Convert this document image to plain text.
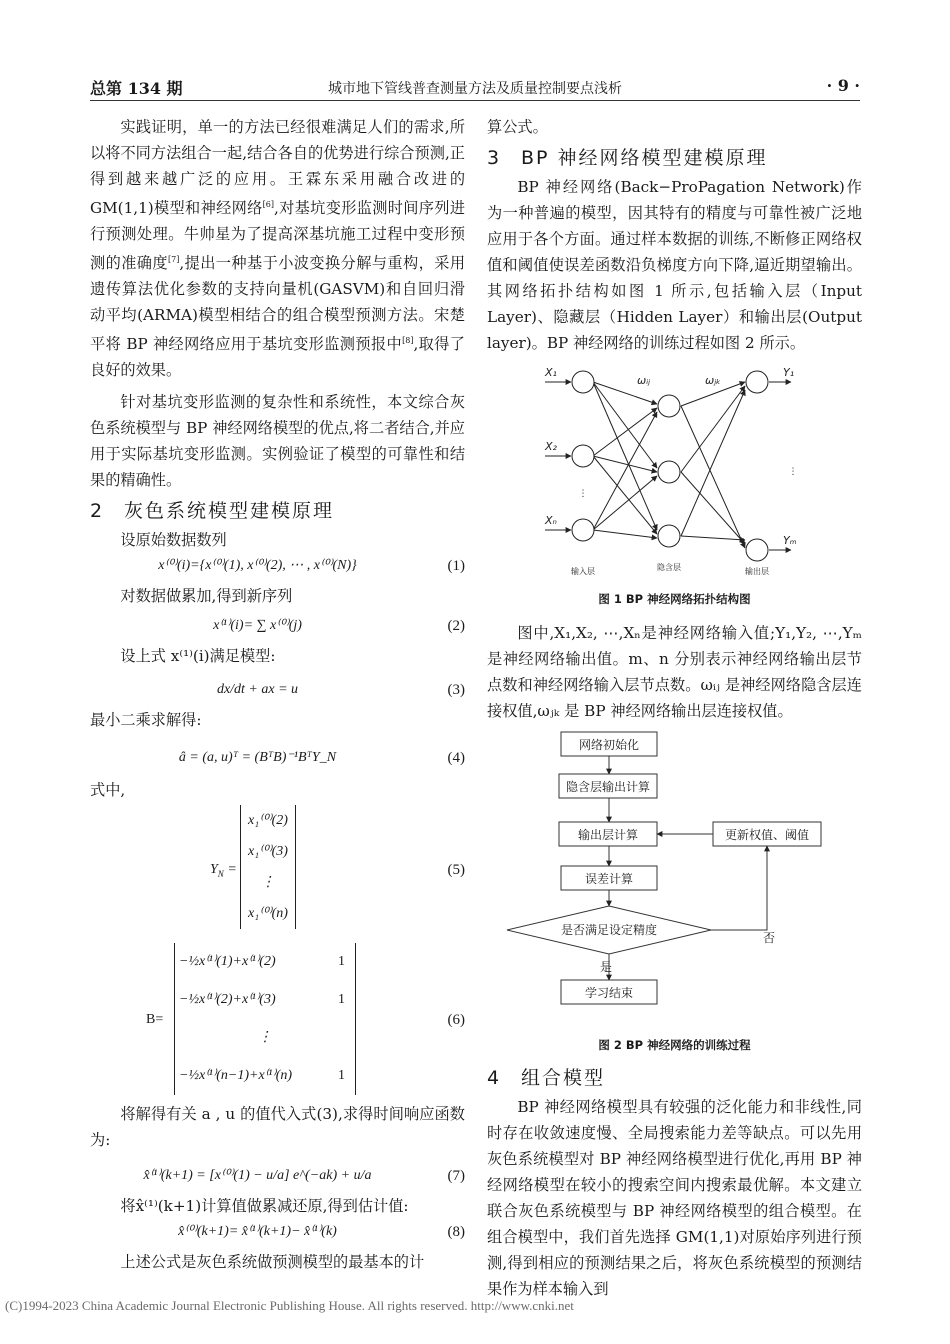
总第 134 期	城市地下管线普查测量方法及质量控制要点浅析	· 9 ·

实践证明，单一的方法已经很难满足人们的需求,所以将不同方法组合一起,结合各自的优势进行综合预测,正得到越来越广泛的应用。王霖东采用融合改进的 GM(1,1)模型和神经网络[6],对基坑变形监测时间序列进行预测处理。牛帅星为了提高深基坑施工过程中变形预测的准确度[7],提出一种基于小波变换分解与重构，采用遗传算法优化参数的支持向量机(GASVM)和自回归滑动平均(ARMA)模型相结合的组合模型预测方法。宋楚平将 BP 神经网络应用于基坑变形监测预报中[8],取得了良好的效果。

针对基坑变形监测的复杂性和系统性，本文综合灰色系统模型与 BP 神经网络模型的优点,将二者结合,并应用于实际基坑变形监测。实例验证了模型的可靠性和结果的精确性。

2 灰色系统模型建模原理

设原始数据数列

x⁽⁰⁾(i)={x⁽⁰⁾(1), x⁽⁰⁾(2), ⋯ , x⁽⁰⁾(N)}	(1)

对数据做累加,得到新序列

x⁽¹⁾(i)= ∑ x⁽⁰⁾(j)	(2)

设上式 x⁽¹⁾(i)满足模型:

dx/dt + ax = u	(3)

最小二乘求解得:

â = (a, u)ᵀ = (BᵀB)⁻¹BᵀY_N	(4)

式中,

$Y_N$ =
x₁⁽⁰⁾(2)
x₁⁽⁰⁾(3)
⋮
x₁⁽⁰⁾(n)
(5)
B=
−½x⁽¹⁾(1)+x⁽¹⁾(2)	1
−½x⁽¹⁾(2)+x⁽¹⁾(3)	1
⋮
−½x⁽¹⁾(n−1)+x⁽¹⁾(n)	1
(6)

将解得有关 a , u 的值代入式(3),求得时间响应函数为:

x̂⁽¹⁾(k+1) = [x⁽⁰⁾(1) − u/a] e^(−ak) + u/a	(7)

将x̂⁽¹⁾(k+1)计算值做累减还原,得到估计值:

x̂⁽⁰⁾(k+1)= x̂⁽¹⁾(k+1)− x̂⁽¹⁾(k)	(8)

上述公式是灰色系统做预测模型的最基本的计

算公式。

3 BP 神经网络模型建模原理

BP 神经网络(Back−ProPagation Network)作为一种普遍的模型，因其特有的精度与可靠性被广泛地应用于各个方面。通过样本数据的训练,不断修正网络权值和阈值使误差函数沿负梯度方向下降,逼近期望输出。其网络拓扑结构如图 1 所示,包括输入层（Input Layer)、隐藏层（Hidden Layer）和输出层(Output layer)。BP 神经网络的训练过程如图 2 所示。

⋮
⋮
X₁
X₂
Xₙ
Y₁
Yₘ
ωᵢⱼ	ωⱼₖ
输入层	隐含层	输出层
图 1 BP 神经网络拓扑结构图

图中,X₁,X₂, ⋯,Xₙ是神经网络输入值;Y₁,Y₂, ⋯,Yₘ 是神经网络输出值。m、n 分别表示神经网络输出层节点数和神经网络输入层节点数。ωᵢⱼ 是神经网络隐含层连接权值,ωⱼₖ 是 BP 神经网络输出层连接权值。

网络初始化
隐含层输出计算
输出层计算	更新权值、阈值
误差计算
是否满足设定精度
学习结束
否
是
图 2 BP 神经网络的训练过程
4 组合模型

BP 神经网络模型具有较强的泛化能力和非线性,同时存在收敛速度慢、全局搜索能力差等缺点。可以先用灰色系统模型对 BP 神经网络模型进行优化,再用 BP 神经网络模型在较小的搜索空间内搜索最优解。本文建立联合灰色系统模型与 BP 神经网络模型的组合模型。在组合模型中，我们首先选择 GM(1,1)对原始序列进行预测,得到相应的预测结果之后，将灰色系统模型的预测结果作为样本输入到

(C)1994-2023 China Academic Journal Electronic Publishing House. All rights reserved. http://www.cnki.net
